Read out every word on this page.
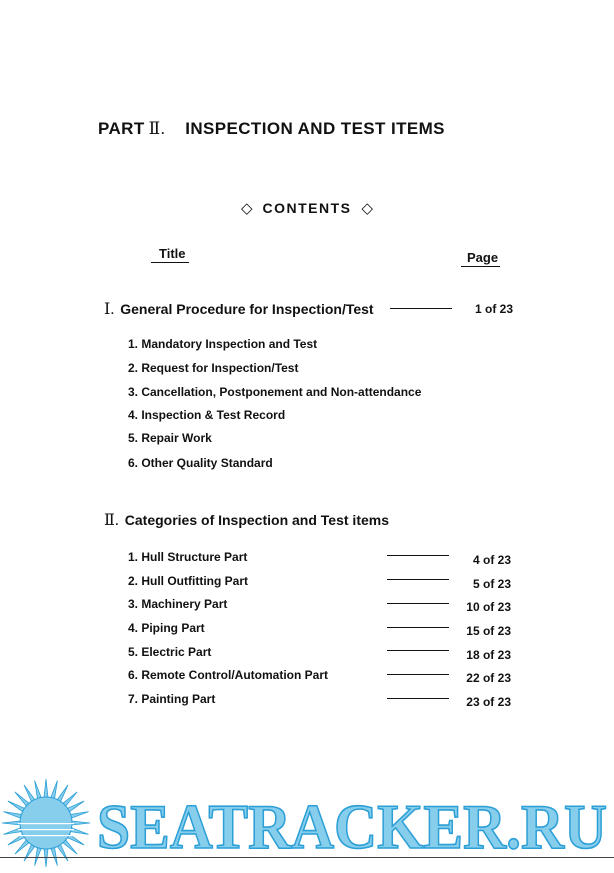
PART Ⅱ. INSPECTION AND TEST ITEMS
◇ CONTENTS ◇
Title	Page
Ⅰ. General Procedure for Inspection/Test	1 of 23
1. Mandatory Inspection and Test
2. Request for Inspection/Test
3. Cancellation, Postponement and Non-attendance
4. Inspection & Test Record
5. Repair Work
6. Other Quality Standard
Ⅱ. Categories of Inspection and Test items
1. Hull Structure Part	4 of 23
2. Hull Outfitting Part	5 of 23
3. Machinery Part	10 of 23
4. Piping Part	15 of 23
5. Electric Part	18 of 23
6. Remote Control/Automation Part	22 of 23
7. Painting Part	23 of 23
SEATRACKER.RU
